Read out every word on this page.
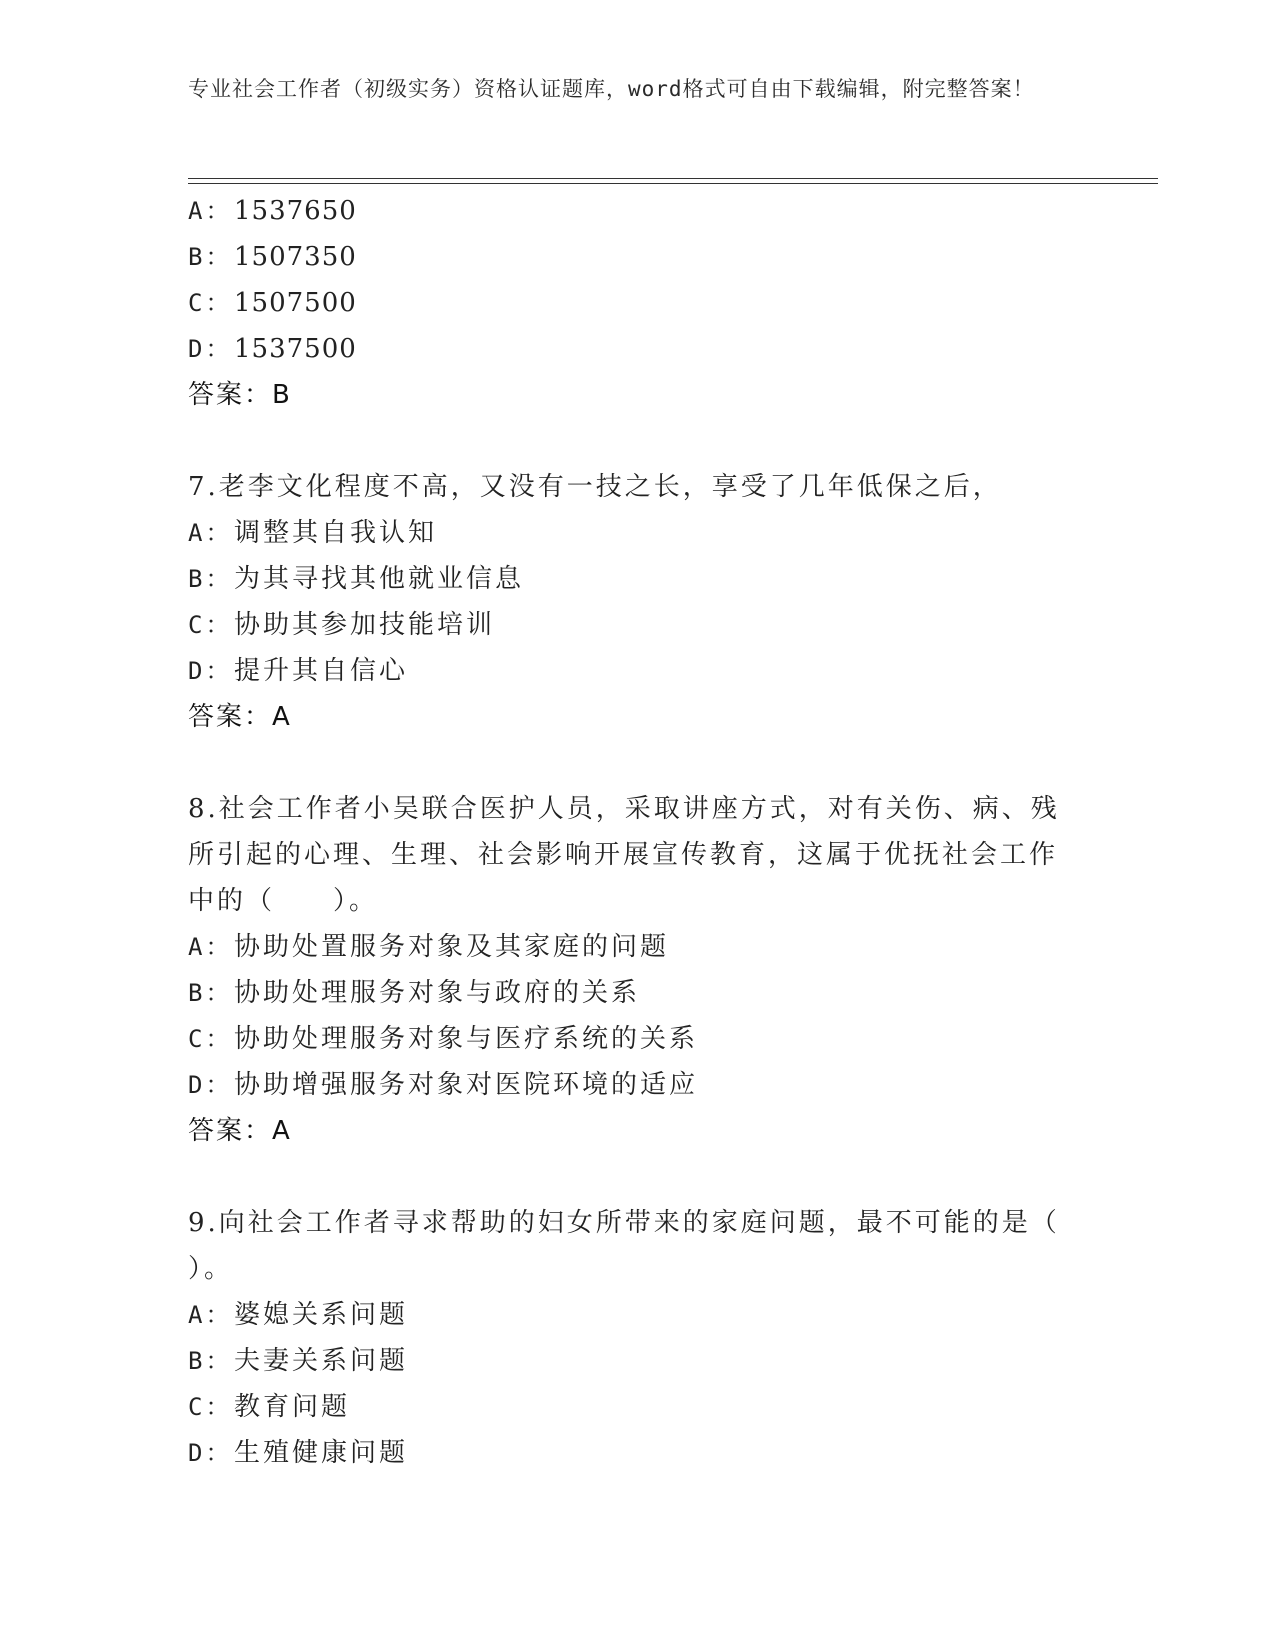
专业社会工作者（初级实务）资格认证题库，word格式可自由下载编辑，附完整答案！
A： 1537650
B： 1507350
C： 1507500
D： 1537500
答案：B
7.老李文化程度不高，又没有一技之长，享受了几年低保之后，
A： 调整其自我认知
B： 为其寻找其他就业信息
C： 协助其参加技能培训
D： 提升其自信心
答案：A
8.社会工作者小吴联合医护人员，采取讲座方式，对有关伤、病、残
所引起的心理、生理、社会影响开展宣传教育，这属于优抚社会工作
中的（　　）。
A： 协助处置服务对象及其家庭的问题
B： 协助处理服务对象与政府的关系
C： 协助处理服务对象与医疗系统的关系
D： 协助增强服务对象对医院环境的适应
答案：A
9.向社会工作者寻求帮助的妇女所带来的家庭问题，最不可能的是（
）。
A： 婆媳关系问题
B： 夫妻关系问题
C： 教育问题
D： 生殖健康问题
